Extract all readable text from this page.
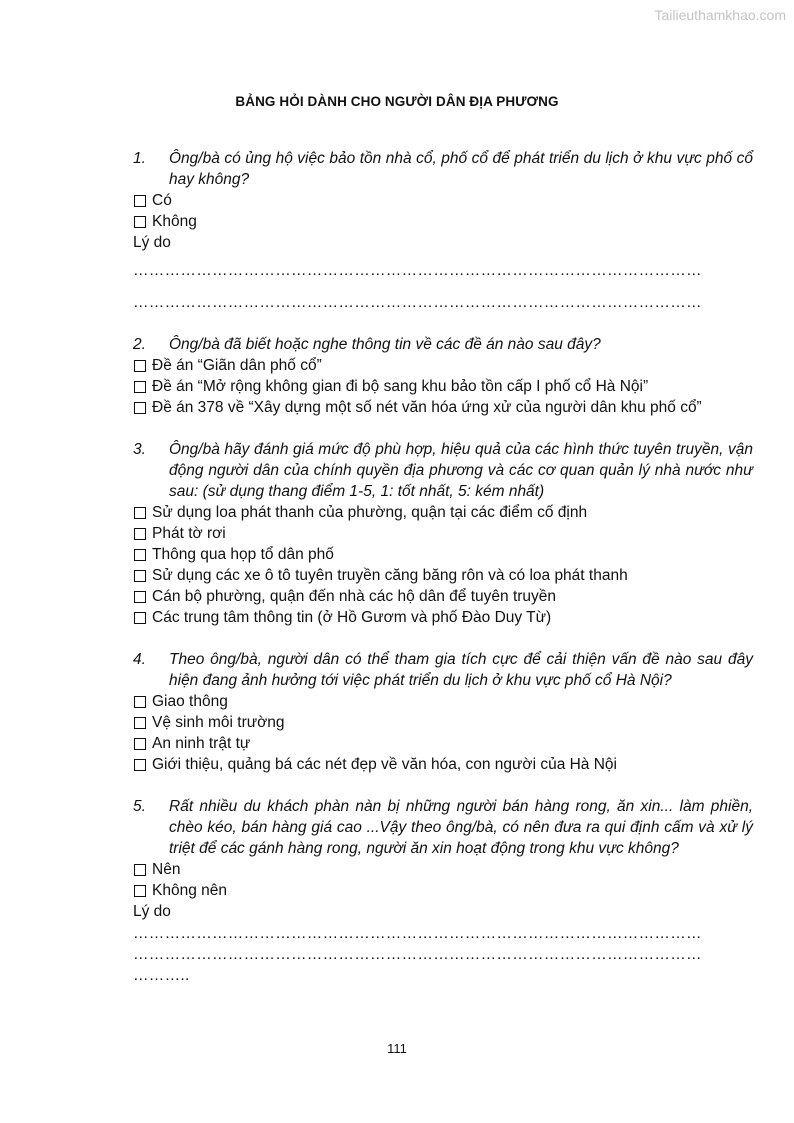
Tailieuthamkhao.com
BẢNG HỎI DÀNH CHO NGƯỜI DÂN ĐỊA PHƯƠNG
1.	Ông/bà có ủng hộ việc bảo tồn nhà cổ, phố cổ để phát triển du lịch ở khu vực phố cổ hay không?
Có
Không
Lý do
………………………………………………………………………………………………
………………………………………………………………………………………………
2.	Ông/bà đã biết hoặc nghe thông tin về các đề án nào sau đây?
Đề án “Giãn dân phố cổ”
Đề án “Mở rộng không gian đi bộ sang khu bảo tồn cấp I phố cổ Hà Nội”
Đề án 378 về “Xây dựng một số nét văn hóa ứng xử của người dân khu phố cổ”
3.	Ông/bà hãy đánh giá mức độ phù hợp, hiệu quả của các hình thức tuyên truyền, vận động người dân của chính quyền địa phương và các cơ quan quản lý nhà nước như sau: (sử dụng thang điểm 1-5, 1: tốt nhất, 5: kém nhất)
Sử dụng loa phát thanh của phường, quận tại các điểm cố định
Phát tờ rơi
Thông qua họp tổ dân phố
Sử dụng các xe ô tô tuyên truyền căng băng rôn và có loa phát thanh
Cán bộ phường, quận đến nhà các hộ dân để tuyên truyền
Các trung tâm thông tin (ở Hồ Gươm và phố Đào Duy Từ)
4.	Theo ông/bà, người dân có thể tham gia tích cực để cải thiện vấn đề nào sau đây hiện đang ảnh hưởng tới việc phát triển du lịch ở khu vực phố cổ Hà Nội?
Giao thông
Vệ sinh môi trường
An ninh trật tự
Giới thiệu, quảng bá các nét đẹp về văn hóa, con người của Hà Nội
5.	Rất nhiều du khách phàn nàn bị những người bán hàng rong, ăn xin... làm phiền, chèo kéo, bán hàng giá cao ...Vậy theo ông/bà, có nên đưa ra qui định cấm và xử lý triệt để các gánh hàng rong, người ăn xin hoạt động trong khu vực không?
Nên
Không nên
Lý do
………………………………………………………………………………………………
………………………………………………………………………………………………
………..
111
